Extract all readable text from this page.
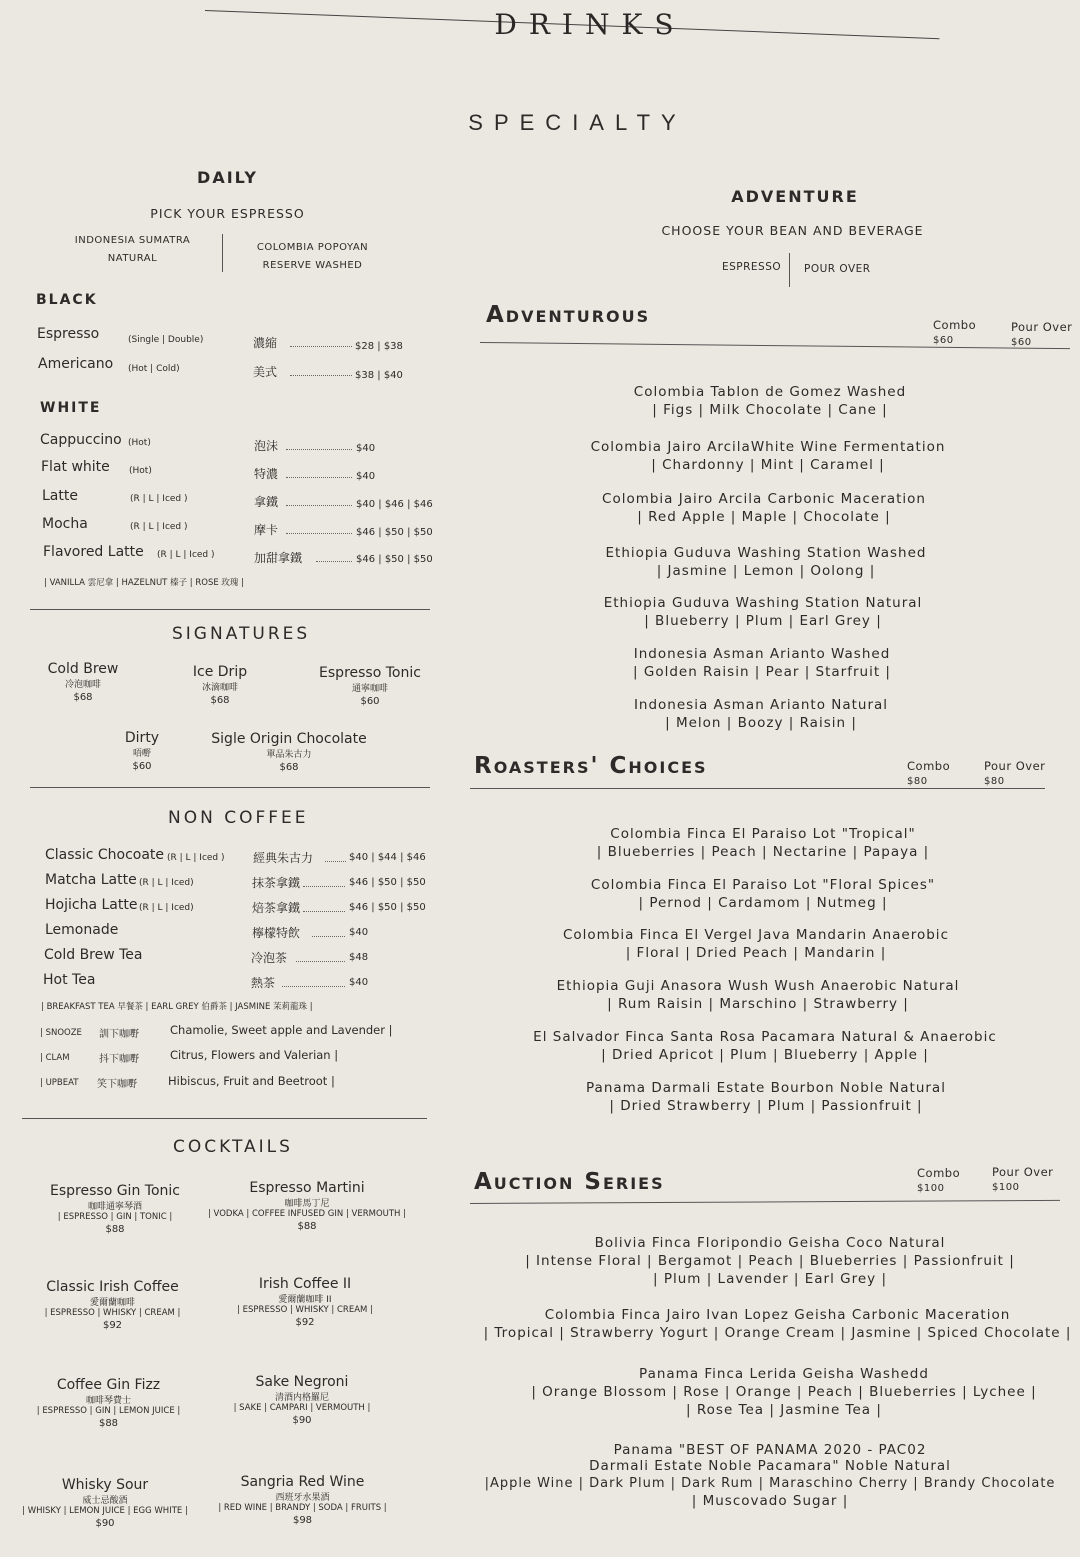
DRINKS
SPECIALTY
DAILY
PICK YOUR ESPRESSO
INDONESIA SUMATRA
NATURAL
COLOMBIA POPOYAN
RESERVE WASHED
BLACK
Espresso	(Single | Double)	濃縮	$28 | $38
Americano (Hot | Cold)	美式	$38 | $40
WHITE
Cappuccino (Hot)	泡沫	$40
Flat white (Hot)	特濃	$40
Latte	(R | L | Iced )	拿鐵	$40 | $46 | $46
Mocha	(R | L | Iced )	摩卡	$46 | $50 | $50
Flavored Latte (R | L | Iced )	加甜拿鐵	$46 | $50 | $50
| VANILLA 雲尼拿 | HAZELNUT 榛子 | ROSE 玫瑰 |
SIGNATURES
Cold Brew
冷泡咖啡
$68
Ice Drip
冰滴咖啡
$68
Espresso Tonic
通寧咖啡
$60
Dirty
唔嘢
$60
Sigle Origin Chocolate
單品朱古力
$68
NON COFFEE
Classic Chocoate (R | L | Iced ) 經典朱古力	$40 | $44 | $46
Matcha Latte (R | L | Iced)	抹茶拿鐵	$46 | $50 | $50
Hojicha Latte (R | L | Iced)	焙茶拿鐵	$46 | $50 | $50
Lemonade	檸檬特飲	$40
Cold Brew Tea	冷泡茶	$48
Hot Tea	熱茶	$40
| BREAKFAST TEA 早餐茶 | EARL GREY 伯爵茶 | JASMINE 茉莉龍珠 |
| SNOOZE 訓下咖嘢	Chamolie, Sweet apple and Lavender |
| CLAM	抖下咖嘢	Citrus, Flowers and Valerian |
| UPBEAT 笑下咖嘢	Hibiscus, Fruit and Beetroot |
COCKTAILS
Espresso Gin Tonic
咖啡通寧琴酒
| ESPRESSO | GIN | TONIC |
$88
Espresso Martini
咖啡馬丁尼
| VODKA | COFFEE INFUSED GIN | VERMOUTH |
$88
Classic Irish Coffee
愛爾蘭咖啡
| ESPRESSO | WHISKY | CREAM |
$92
Irish Coffee II
愛爾蘭咖啡 II
| ESPRESSO | WHISKY | CREAM |
$92
Coffee Gin Fizz
咖啡琴費士
| ESPRESSO | GIN | LEMON JUICE |
$88
Sake Negroni
清酒内格羅尼
| SAKE | CAMPARI | VERMOUTH |
$90
Whisky Sour
威士忌酸酒
| WHISKY | LEMON JUICE | EGG WHITE |
$90
Sangria Red Wine
西班牙水果酒
| RED WINE | BRANDY | SODA | FRUITS |
$98
ADVENTURE
CHOOSE YOUR BEAN AND BEVERAGE
ESPRESSO POUR OVER
Adventurous	Combo
$60
Pour Over
$60
Colombia Tablon de Gomez Washed
| Figs | Milk Chocolate | Cane |
Colombia Jairo ArcilaWhite Wine Fermentation
| Chardonny | Mint | Caramel |
Colombia Jairo Arcila Carbonic Maceration
| Red Apple | Maple | Chocolate |
Ethiopia Guduva Washing Station Washed
| Jasmine | Lemon | Oolong |
Ethiopia Guduva Washing Station Natural
| Blueberry | Plum | Earl Grey |
Indonesia Asman Arianto Washed
| Golden Raisin | Pear | Starfruit |
Indonesia Asman Arianto Natural
| Melon | Boozy | Raisin |
Roasters' Choices	Combo
$80
Pour Over
$80
Colombia Finca El Paraiso Lot "Tropical"
| Blueberries | Peach | Nectarine | Papaya |
Colombia Finca El Paraiso Lot "Floral Spices"
| Pernod | Cardamom | Nutmeg |
Colombia Finca El Vergel Java Mandarin Anaerobic
| Floral | Dried Peach | Mandarin |
Ethiopia Guji Anasora Wush Wush Anaerobic Natural
| Rum Raisin | Marschino | Strawberry |
El Salvador Finca Santa Rosa Pacamara Natural & Anaerobic
| Dried Apricot | Plum | Blueberry | Apple |
Panama Darmali Estate Bourbon Noble Natural
| Dried Strawberry | Plum | Passionfruit |
Auction Series	Combo
$100
Pour Over
$100
Bolivia Finca Floripondio Geisha Coco Natural
| Intense Floral | Bergamot | Peach | Blueberries | Passionfruit |
| Plum | Lavender | Earl Grey |
Colombia Finca Jairo Ivan Lopez Geisha Carbonic Maceration
| Tropical | Strawberry Yogurt | Orange Cream | Jasmine | Spiced Chocolate |
Panama Finca Lerida Geisha Washedd
| Orange Blossom | Rose | Orange | Peach | Blueberries | Lychee |
| Rose Tea | Jasmine Tea |
Panama "BEST OF PANAMA 2020 - PAC02
Darmali Estate Noble Pacamara" Noble Natural
|Apple Wine | Dark Plum | Dark Rum | Maraschino Cherry | Brandy Chocolate
| Muscovado Sugar |
